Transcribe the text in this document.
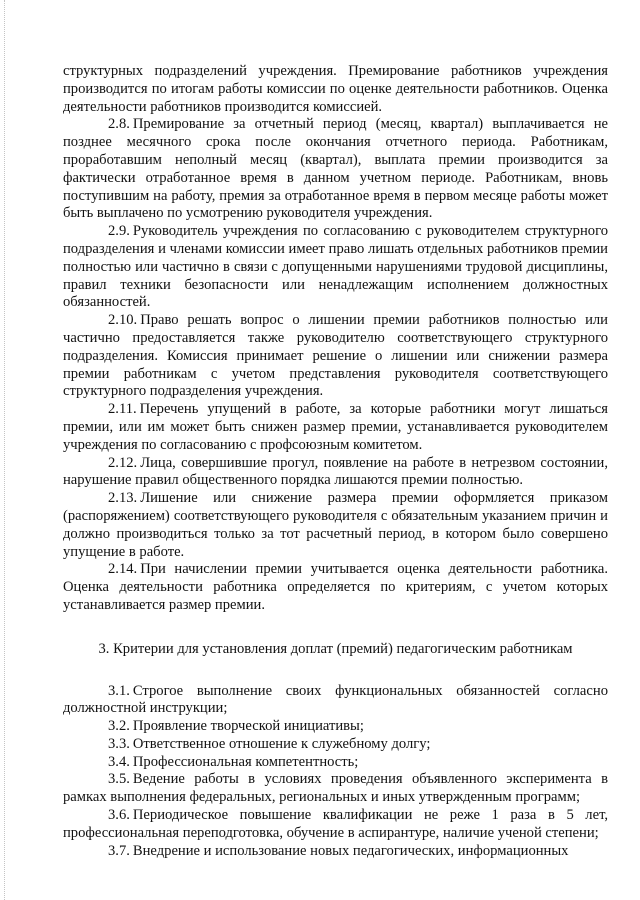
структурных подразделений учреждения. Премирование работников учреждения производится по итогам работы комиссии по оценке деятельности работников. Оценка деятельности работников производится комиссией.

2.8. Премирование за отчетный период (месяц, квартал) выплачивается не позднее месячного срока после окончания отчетного периода. Работникам, проработавшим неполный месяц (квартал), выплата премии производится за фактически отработанное время в данном учетном периоде. Работникам, вновь поступившим на работу, премия за отработанное время в первом месяце работы может быть выплачено по усмотрению руководителя учреждения.

2.9. Руководитель учреждения по согласованию с руководителем структурного подразделения и членами комиссии имеет право лишать отдельных работников премии полностью или частично в связи с допущенными нарушениями трудовой дисциплины, правил техники безопасности или ненадлежащим исполнением должностных обязанностей.

2.10. Право решать вопрос о лишении премии работников полностью или частично предоставляется также руководителю соответствующего структурного подразделения. Комиссия принимает решение о лишении или снижении размера премии работникам с учетом представления руководителя соответствующего структурного подразделения учреждения.

2.11. Перечень упущений в работе, за которые работники могут лишаться премии, или им может быть снижен размер премии, устанавливается руководителем учреждения по согласованию с профсоюзным комитетом.

2.12. Лица, совершившие прогул, появление на работе в нетрезвом состоянии, нарушение правил общественного порядка лишаются премии полностью.

2.13. Лишение или снижение размера премии оформляется приказом (распоряжением) соответствующего руководителя с обязательным указанием причин и должно производиться только за тот расчетный период, в котором было совершено упущение в работе.

2.14. При начислении премии учитывается оценка деятельности работника. Оценка деятельности работника определяется по критериям, с учетом которых устанавливается размер премии.

3. Критерии для установления доплат (премий) педагогическим работникам

3.1. Строгое выполнение своих функциональных обязанностей согласно должностной инструкции;

3.2. Проявление творческой инициативы;

3.3. Ответственное отношение к служебному долгу;

3.4. Профессиональная компетентность;

3.5. Ведение работы в условиях проведения объявленного эксперимента в рамках выполнения федеральных, региональных и иных утвержденным программ;

3.6. Периодическое повышение квалификации не реже 1 раза в 5 лет, профессиональная переподготовка, обучение в аспирантуре, наличие ученой степени;

3.7. Внедрение и использование новых педагогических, информационных
